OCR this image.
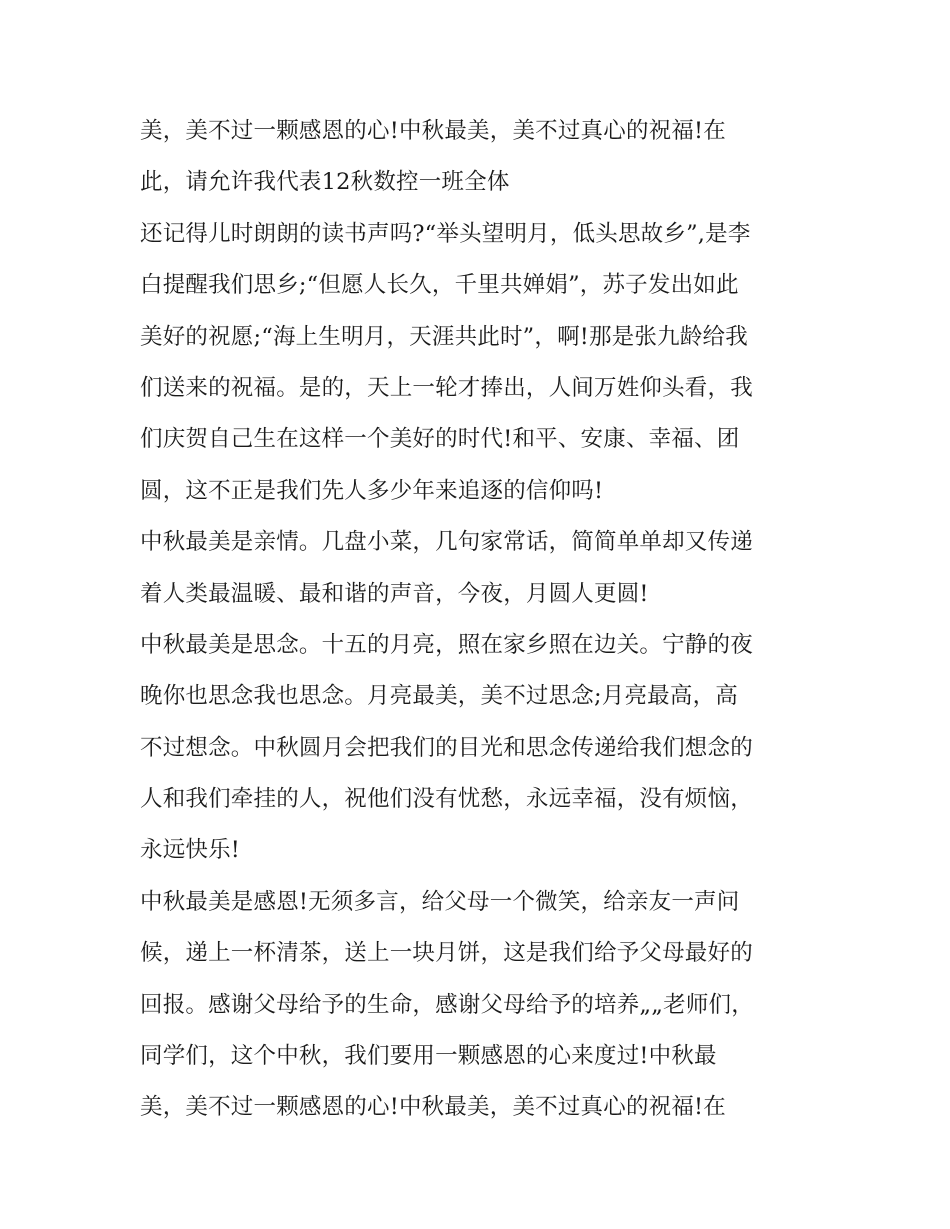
美，美不过一颗感恩的心!中秋最美，美不过真心的祝福!在
此，请允许我代表12秋数控一班全体
还记得儿时朗朗的读书声吗?“举头望明月，低头思故乡”,是李
白提醒我们思乡;“但愿人长久，千里共婵娟”，苏子发出如此
美好的祝愿;“海上生明月，天涯共此时”，啊!那是张九龄给我
们送来的祝福。是的，天上一轮才捧出，人间万姓仰头看，我
们庆贺自己生在这样一个美好的时代!和平、安康、幸福、团
圆，这不正是我们先人多少年来追逐的信仰吗!
中秋最美是亲情。几盘小菜，几句家常话，简简单单却又传递
着人类最温暖、最和谐的声音，今夜，月圆人更圆!
中秋最美是思念。十五的月亮，照在家乡照在边关。宁静的夜
晚你也思念我也思念。月亮最美，美不过思念;月亮最高，高
不过想念。中秋圆月会把我们的目光和思念传递给我们想念的
人和我们牵挂的人，祝他们没有忧愁，永远幸福，没有烦恼，
永远快乐!
中秋最美是感恩!无须多言，给父母一个微笑，给亲友一声问
候，递上一杯清茶，送上一块月饼，这是我们给予父母最好的
回报。感谢父母给予的生命，感谢父母给予的培养„„老师们，
同学们，这个中秋，我们要用一颗感恩的心来度过!中秋最
美，美不过一颗感恩的心!中秋最美，美不过真心的祝福!在
